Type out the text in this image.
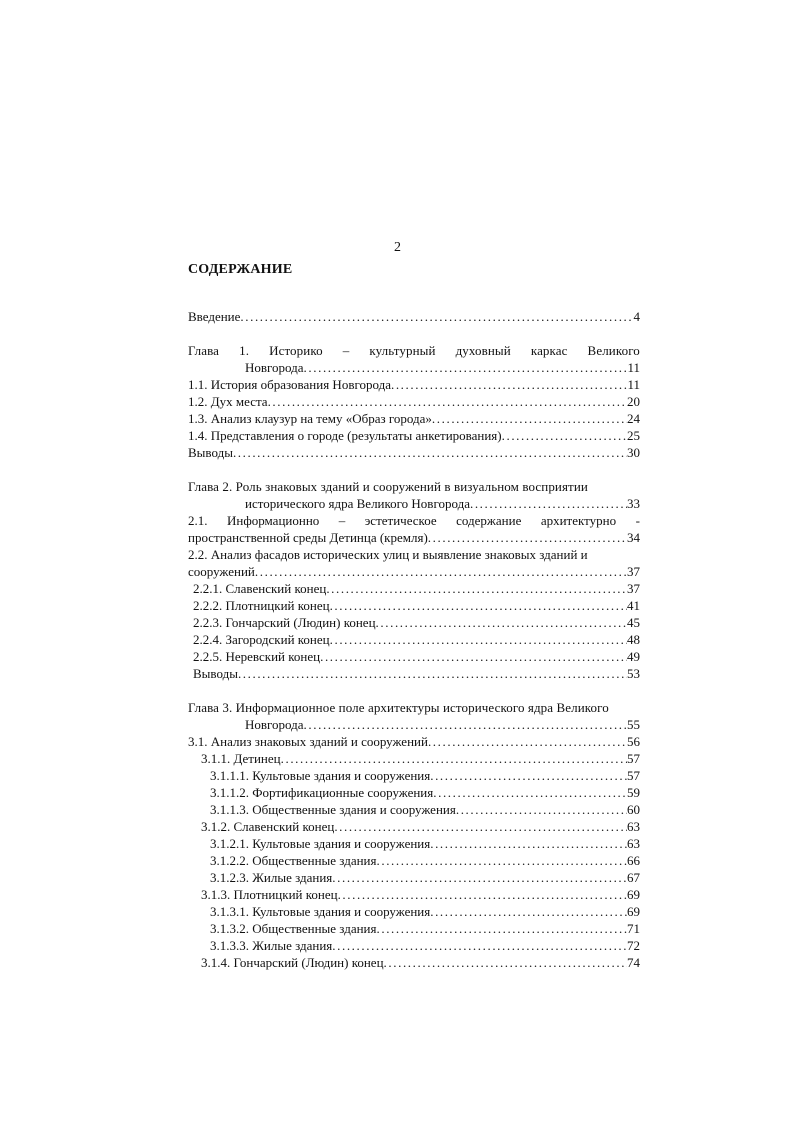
2
СОДЕРЖАНИЕ
Введение .....	4
Глава 1. Историко – культурный духовный каркас Великого
Новгорода .....	11
1.1. История образования Новгорода .....	11
1.2. Дух места .....	20
1.3. Анализ клаузур на тему «Образ города» .....	24
1.4. Представления о городе (результаты анкетирования) .....	25
Выводы .....	30
Глава 2. Роль знаковых зданий и сооружений в визуальном восприятии
исторического ядра Великого Новгорода .....	33
2.1. Информационно – эстетическое содержание архитектурно -
пространственной среды Детинца (кремля) .....	34
2.2. Анализ фасадов исторических улиц и выявление знаковых зданий и
сооружений .....	37
2.2.1. Славенский конец .....	37
2.2.2. Плотницкий конец .....	41
2.2.3. Гончарский (Людин) конец .....	45
2.2.4. Загородский конец .....	48
2.2.5. Неревский конец .....	49
Выводы .....	53
Глава 3. Информационное поле архитектуры исторического ядра Великого
Новгорода .....	55
3.1. Анализ знаковых зданий и сооружений .....	56
3.1.1. Детинец .....	57
3.1.1.1. Культовые здания и сооружения .....	57
3.1.1.2. Фортификационные сооружения .....	59
3.1.1.3. Общественные здания и сооружения .....	60
3.1.2. Славенский конец .....	63
3.1.2.1. Культовые здания и сооружения .....	63
3.1.2.2. Общественные здания .....	66
3.1.2.3. Жилые здания .....	67
3.1.3. Плотницкий конец .....	69
3.1.3.1. Культовые здания и сооружения .....	69
3.1.3.2. Общественные здания .....	71
3.1.3.3. Жилые здания .....	72
3.1.4. Гончарский (Людин) конец .....	74
